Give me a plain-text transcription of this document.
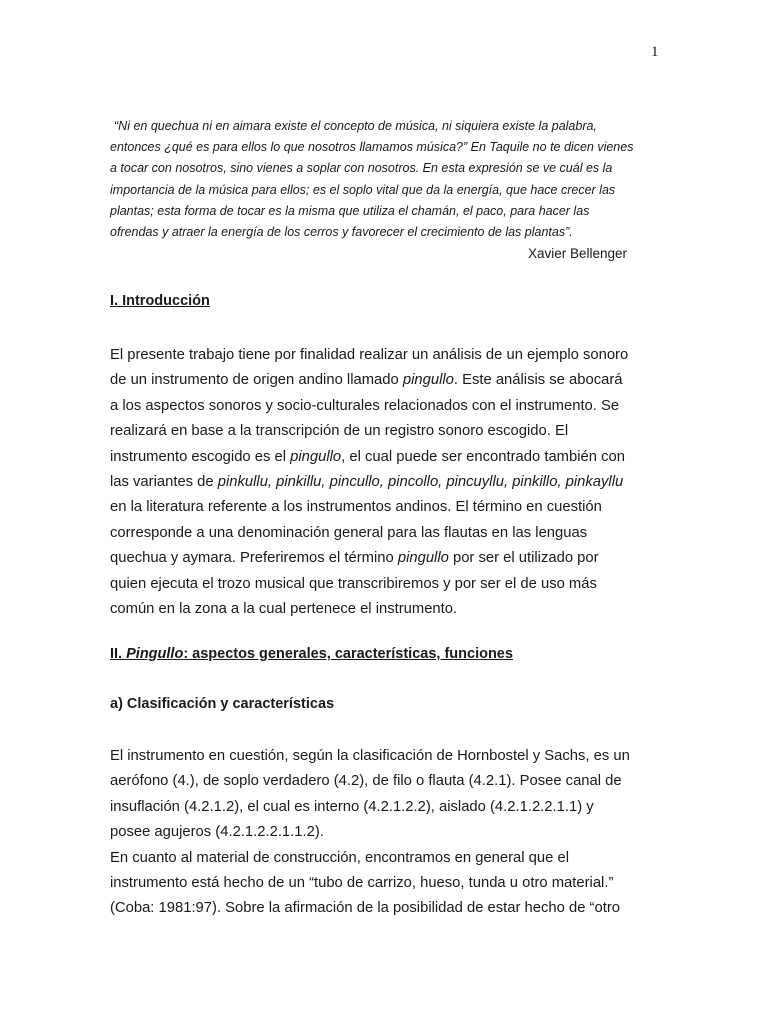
1
“Ni en quechua ni en aimara existe el concepto de música, ni siquiera existe la palabra,
entonces ¿qué es para ellos lo que nosotros llamamos música?” En Taquile no te dicen vienes
a tocar con nosotros, sino vienes a soplar con nosotros. En esta expresión se ve cuál es la
importancia de la música para ellos; es el soplo vital que da la energía, que hace crecer las
plantas; esta forma de tocar es la misma que utiliza el chamán, el paco, para hacer las
ofrendas y atraer la energía de los cerros y favorecer el crecimiento de las plantas”.
Xavier Bellenger
I. Introducción
El presente trabajo tiene por finalidad realizar un análisis de un ejemplo sonoro
de un instrumento de origen andino llamado pingullo. Este análisis se abocará
a los aspectos sonoros y socio-culturales relacionados con el instrumento. Se
realizará en base a la transcripción de un registro sonoro escogido. El
instrumento escogido es el pingullo, el cual puede ser encontrado también con
las variantes de pinkullu, pinkillu, pincullo, pincollo, pincuyllu, pinkillo, pinkayllu
en la literatura referente a los instrumentos andinos. El término en cuestión
corresponde a una denominación general para las flautas en las lenguas
quechua y aymara. Preferiremos el término pingullo por ser el utilizado por
quien ejecuta el trozo musical que transcribiremos y por ser el de uso más
común en la zona a la cual pertenece el instrumento.
II. Pingullo: aspectos generales, características, funciones
a) Clasificación y características
El instrumento en cuestión, según la clasificación de Hornbostel y Sachs, es un
aerófono (4.), de soplo verdadero (4.2), de filo o flauta (4.2.1). Posee canal de
insuflación (4.2.1.2), el cual es interno (4.2.1.2.2), aislado (4.2.1.2.2.1.1) y
posee agujeros (4.2.1.2.2.1.1.2).
En cuanto al material de construcción, encontramos en general que el
instrumento está hecho de un “tubo de carrizo, hueso, tunda u otro material.”
(Coba: 1981:97). Sobre la afirmación de la posibilidad de estar hecho de “otro
